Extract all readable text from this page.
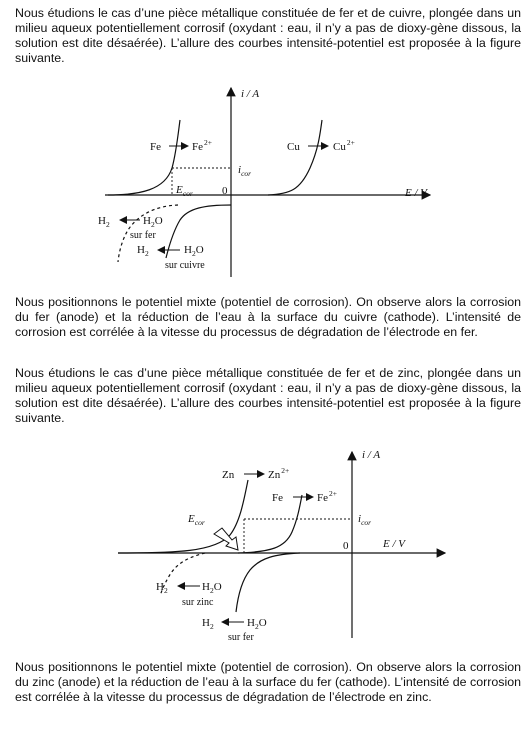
Nous étudions le cas d’une pièce métallique constituée de fer et de cuivre, plongée dans un milieu aqueux potentiellement corrosif (oxydant : eau, il n’y a pas de dioxy-gène dissous, la solution est dite désaérée). L’allure des courbes intensité-potentiel est proposée à la figure suivante.

i / A
E / V
0
$i_{cor}$
$E_{cor}$
Fe	$Fe^{2+}$	Cu	$Cu^{2+}$
$H_2$	$H_2O$
sur fer
$H_2$	$H_2O$
sur cuivre

Nous positionnons le potentiel mixte (potentiel de corrosion). On observe alors la corrosion du fer (anode) et la réduction de l’eau à la surface du cuivre (cathode). L’intensité de corrosion est corrélée à la vitesse du processus de dégradation de l’électrode en fer.

Nous étudions le cas d’une pièce métallique constituée de fer et de zinc, plongée dans un milieu aqueux potentiellement corrosif (oxydant : eau, il n’y a pas de dioxy-gène dissous, la solution est dite désaérée). L’allure des courbes intensité-potentiel est proposée à la figure suivante.

i / A
E / V
0
$i_{cor}$
$E_{cor}$
Zn	$Zn^{2+}$
Fe	$Fe^{2+}$
$H_2$	$H_2O$
sur zinc
$H_2$	$H_2O$
sur fer

Nous positionnons le potentiel mixte (potentiel de corrosion). On observe alors la corrosion du zinc (anode) et la réduction de l’eau à la surface du fer (cathode). L’intensité de corrosion est corrélée à la vitesse du processus de dégradation de l’électrode en zinc.
